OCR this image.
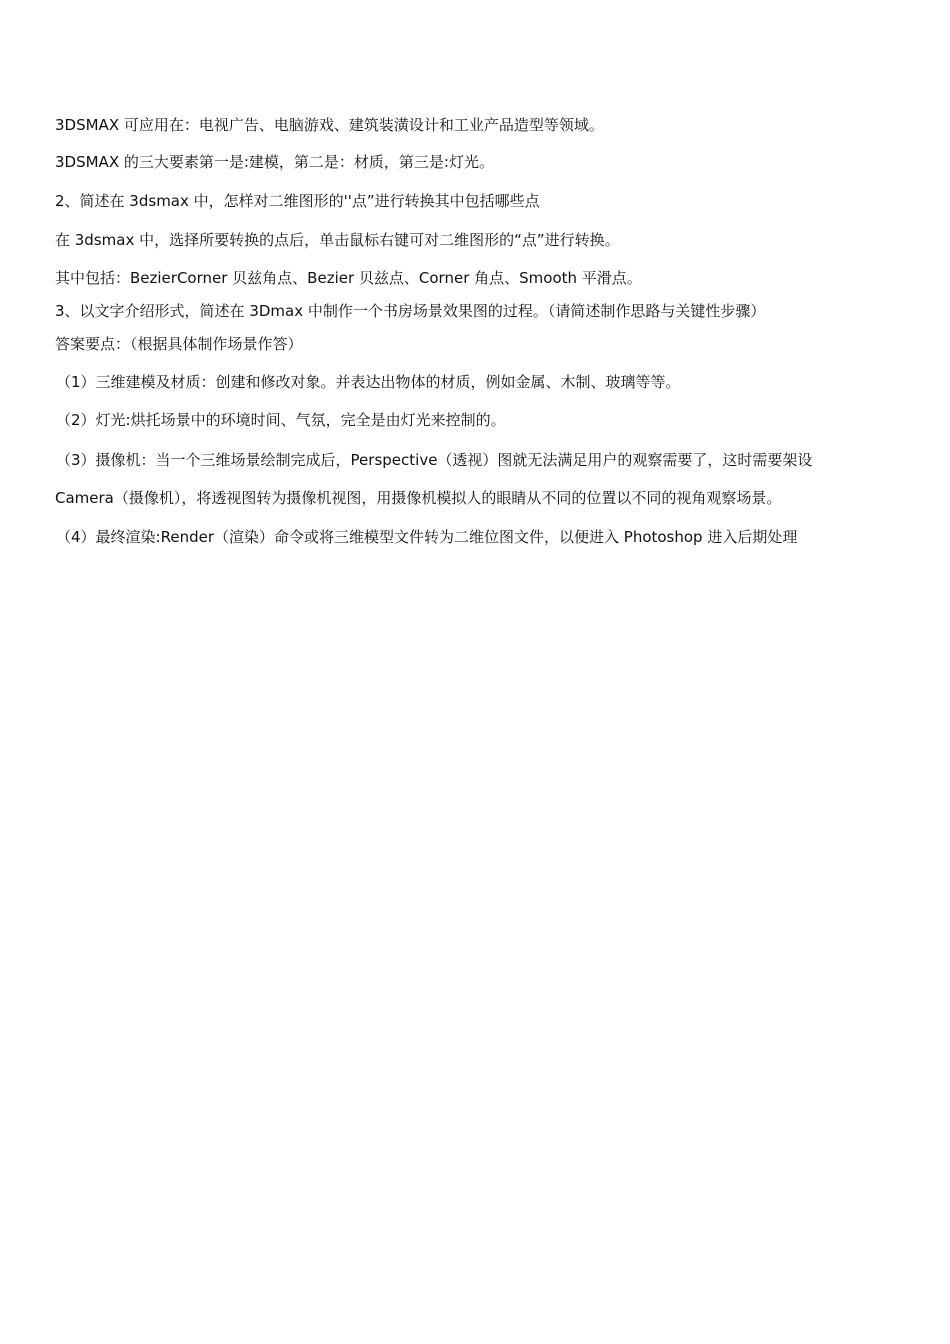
3DSMAX 可应用在：电视广告、电脑游戏、建筑装潢设计和工业产品造型等领域。
3DSMAX 的三大要素第一是:建模，第二是：材质，第三是:灯光。
2、简述在 3dsmax 中，怎样对二维图形的''点”进行转换其中包括哪些点
在 3dsmax 中，选择所要转换的点后，单击鼠标右键可对二维图形的“点”进行转换。
其中包括：BezierCorner 贝兹角点、Bezier 贝兹点、Corner 角点、Smooth 平滑点。
3、以文字介绍形式，简述在 3Dmax 中制作一个书房场景效果图的过程。（请简述制作思路与关键性步骤）
答案要点：（根据具体制作场景作答）
（1）三维建模及材质：创建和修改对象。并表达出物体的材质，例如金属、木制、玻璃等等。
（2）灯光:烘托场景中的环境时间、气氛，完全是由灯光来控制的。
（3）摄像机：当一个三维场景绘制完成后，Perspective（透视）图就无法满足用户的观察需要了，这时需要架设
Camera（摄像机），将透视图转为摄像机视图，用摄像机模拟人的眼睛从不同的位置以不同的视角观察场景。
（4）最终渲染:Render（渲染）命令或将三维模型文件转为二维位图文件，以便进入 Photoshop 进入后期处理
